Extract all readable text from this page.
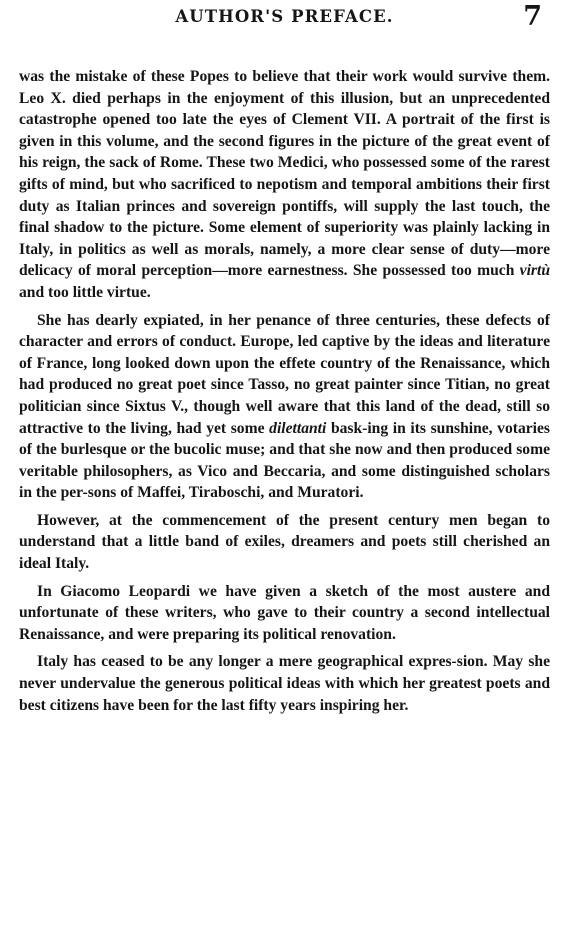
AUTHOR'S PREFACE.	7

was the mistake of these Popes to believe that their work would survive them. Leo X. died perhaps in the enjoyment of this illusion, but an unprecedented catastrophe opened too late the eyes of Clement VII. A portrait of the first is given in this volume, and the second figures in the picture of the great event of his reign, the sack of Rome. These two Medici, who possessed some of the rarest gifts of mind, but who sacrificed to nepotism and temporal ambitions their first duty as Italian princes and sovereign pontiffs, will supply the last touch, the final shadow to the picture. Some element of superiority was plainly lacking in Italy, in politics as well as morals, namely, a more clear sense of duty—more delicacy of moral perception—more earnestness. She possessed too much virtù and too little virtue.

She has dearly expiated, in her penance of three centuries, these defects of character and errors of conduct. Europe, led captive by the ideas and literature of France, long looked down upon the effete country of the Renaissance, which had produced no great poet since Tasso, no great painter since Titian, no great politician since Sixtus V., though well aware that this land of the dead, still so attractive to the living, had yet some dilettanti bask-ing in its sunshine, votaries of the burlesque or the bucolic muse; and that she now and then produced some veritable philosophers, as Vico and Beccaria, and some distinguished scholars in the per-sons of Maffei, Tiraboschi, and Muratori.

However, at the commencement of the present century men began to understand that a little band of exiles, dreamers and poets still cherished an ideal Italy.

In Giacomo Leopardi we have given a sketch of the most austere and unfortunate of these writers, who gave to their country a second intellectual Renaissance, and were preparing its political renovation.

Italy has ceased to be any longer a mere geographical expres-sion. May she never undervalue the generous political ideas with which her greatest poets and best citizens have been for the last fifty years inspiring her.
